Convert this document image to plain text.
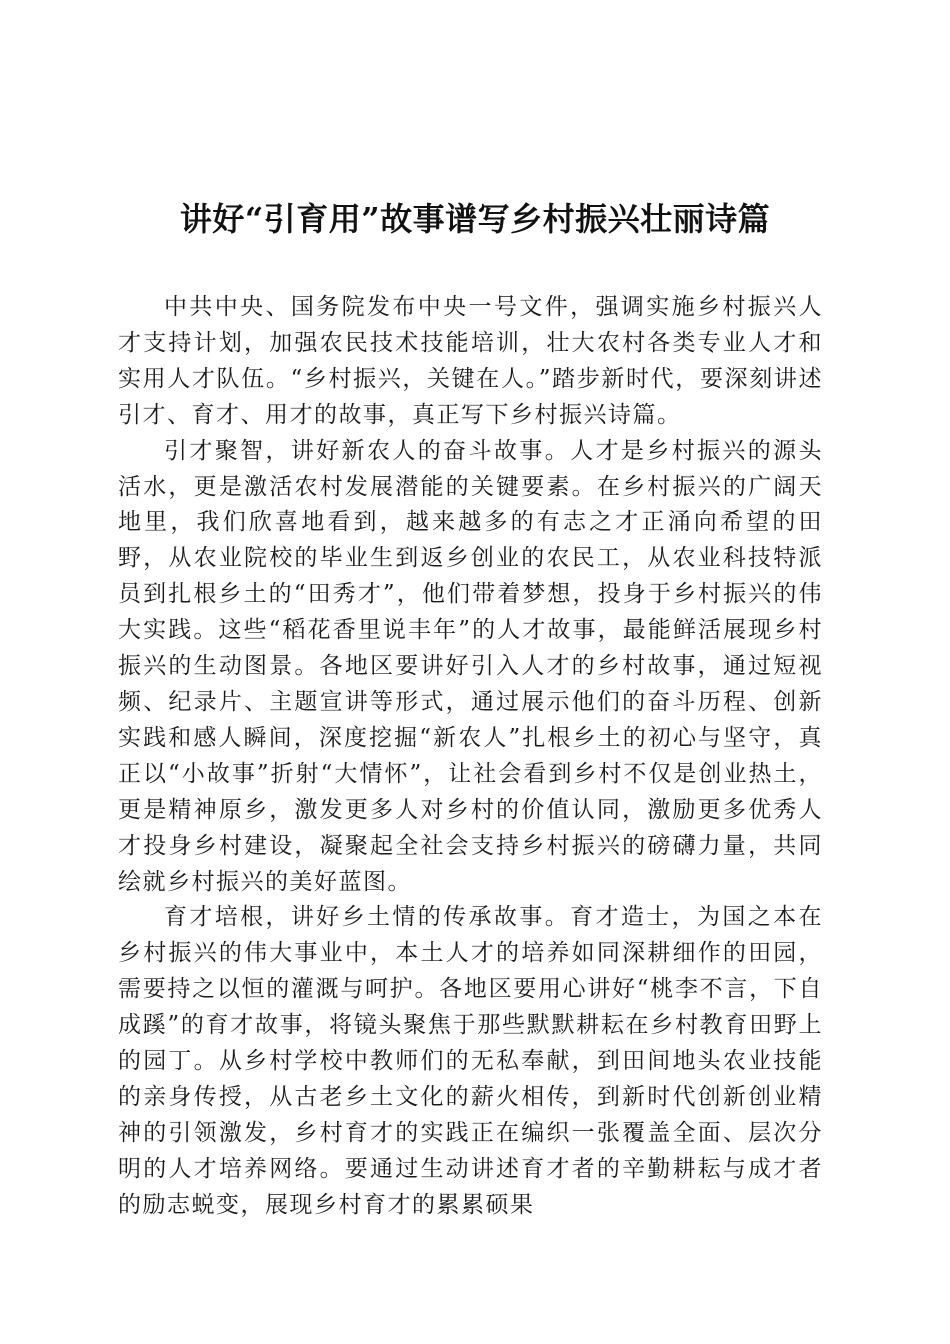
讲好“引育用”故事谱写乡村振兴壮丽诗篇

中共中央、国务院发布中央一号文件，强调实施乡村振兴人才支持计划，加强农民技术技能培训，壮大农村各类专业人才和实用人才队伍。“乡村振兴，关键在人。”踏步新时代，要深刻讲述引才、育才、用才的故事，真正写下乡村振兴诗篇。

引才聚智，讲好新农人的奋斗故事。人才是乡村振兴的源头活水，更是激活农村发展潜能的关键要素。在乡村振兴的广阔天地里，我们欣喜地看到，越来越多的有志之才正涌向希望的田野，从农业院校的毕业生到返乡创业的农民工，从农业科技特派员到扎根乡土的“田秀才”，他们带着梦想，投身于乡村振兴的伟大实践。这些“稻花香里说丰年”的人才故事，最能鲜活展现乡村振兴的生动图景。各地区要讲好引入人才的乡村故事，通过短视频、纪录片、主题宣讲等形式，通过展示他们的奋斗历程、创新实践和感人瞬间，深度挖掘“新农人”扎根乡土的初心与坚守，真正以“小故事”折射“大情怀”，让社会看到乡村不仅是创业热土，更是精神原乡，激发更多人对乡村的价值认同，激励更多优秀人才投身乡村建设，凝聚起全社会支持乡村振兴的磅礴力量，共同绘就乡村振兴的美好蓝图。

育才培根，讲好乡土情的传承故事。育才造士，为国之本在乡村振兴的伟大事业中，本土人才的培养如同深耕细作的田园，需要持之以恒的灌溉与呵护。各地区要用心讲好“桃李不言，下自成蹊”的育才故事，将镜头聚焦于那些默默耕耘在乡村教育田野上的园丁。从乡村学校中教师们的无私奉献，到田间地头农业技能的亲身传授，从古老乡土文化的薪火相传，到新时代创新创业精神的引领激发，乡村育才的实践正在编织一张覆盖全面、层次分明的人才培养网络。要通过生动讲述育才者的辛勤耕耘与成才者的励志蜕变，展现乡村育才的累累硕果
